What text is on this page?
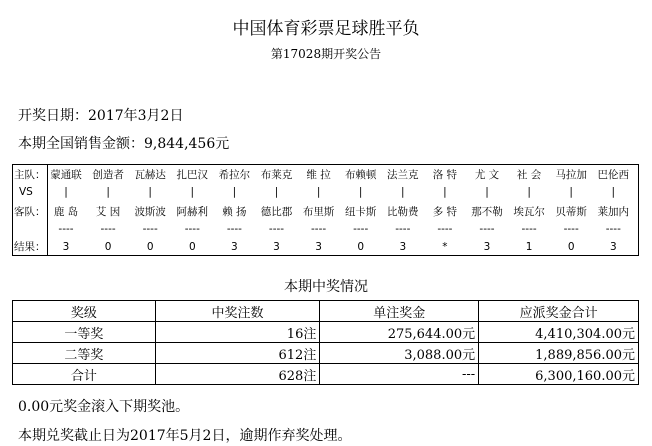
中国体育彩票足球胜平负
第17028期开奖公告
开奖日期：2017年3月2日
本期全国销售金额：9,844,456元
主队： 蒙通联	创造者	瓦赫达	扎巴汉	希拉尔	布莱克	维 拉	布赖顿	法兰克	洛 特	尤 文	社 会	马拉加	巴伦西
VS	|	|	|	|	|	|	|	|	|	|	|	|	|	|
客队： 鹿 岛	艾 因	波斯波	阿赫利	赖 扬	德比郡	布里斯	纽卡斯	比勒费	多 特	那不勒	埃瓦尔	贝蒂斯	莱加内
----	----	----	----	----	----	----	----	----	----	----	----	----	----
结果：	3	0	0	0	3	3	3	0	3	*	3	1	0	3
本期中奖情况
奖级	中奖注数	单注奖金	应派奖金合计
一等奖	16注	275,644.00元	4,410,304.00元
二等奖	612注	3,088.00元	1,889,856.00元
合计	628注	---	6,300,160.00元
0.00元奖金滚入下期奖池。
本期兑奖截止日为2017年5月2日，逾期作弃奖处理。
